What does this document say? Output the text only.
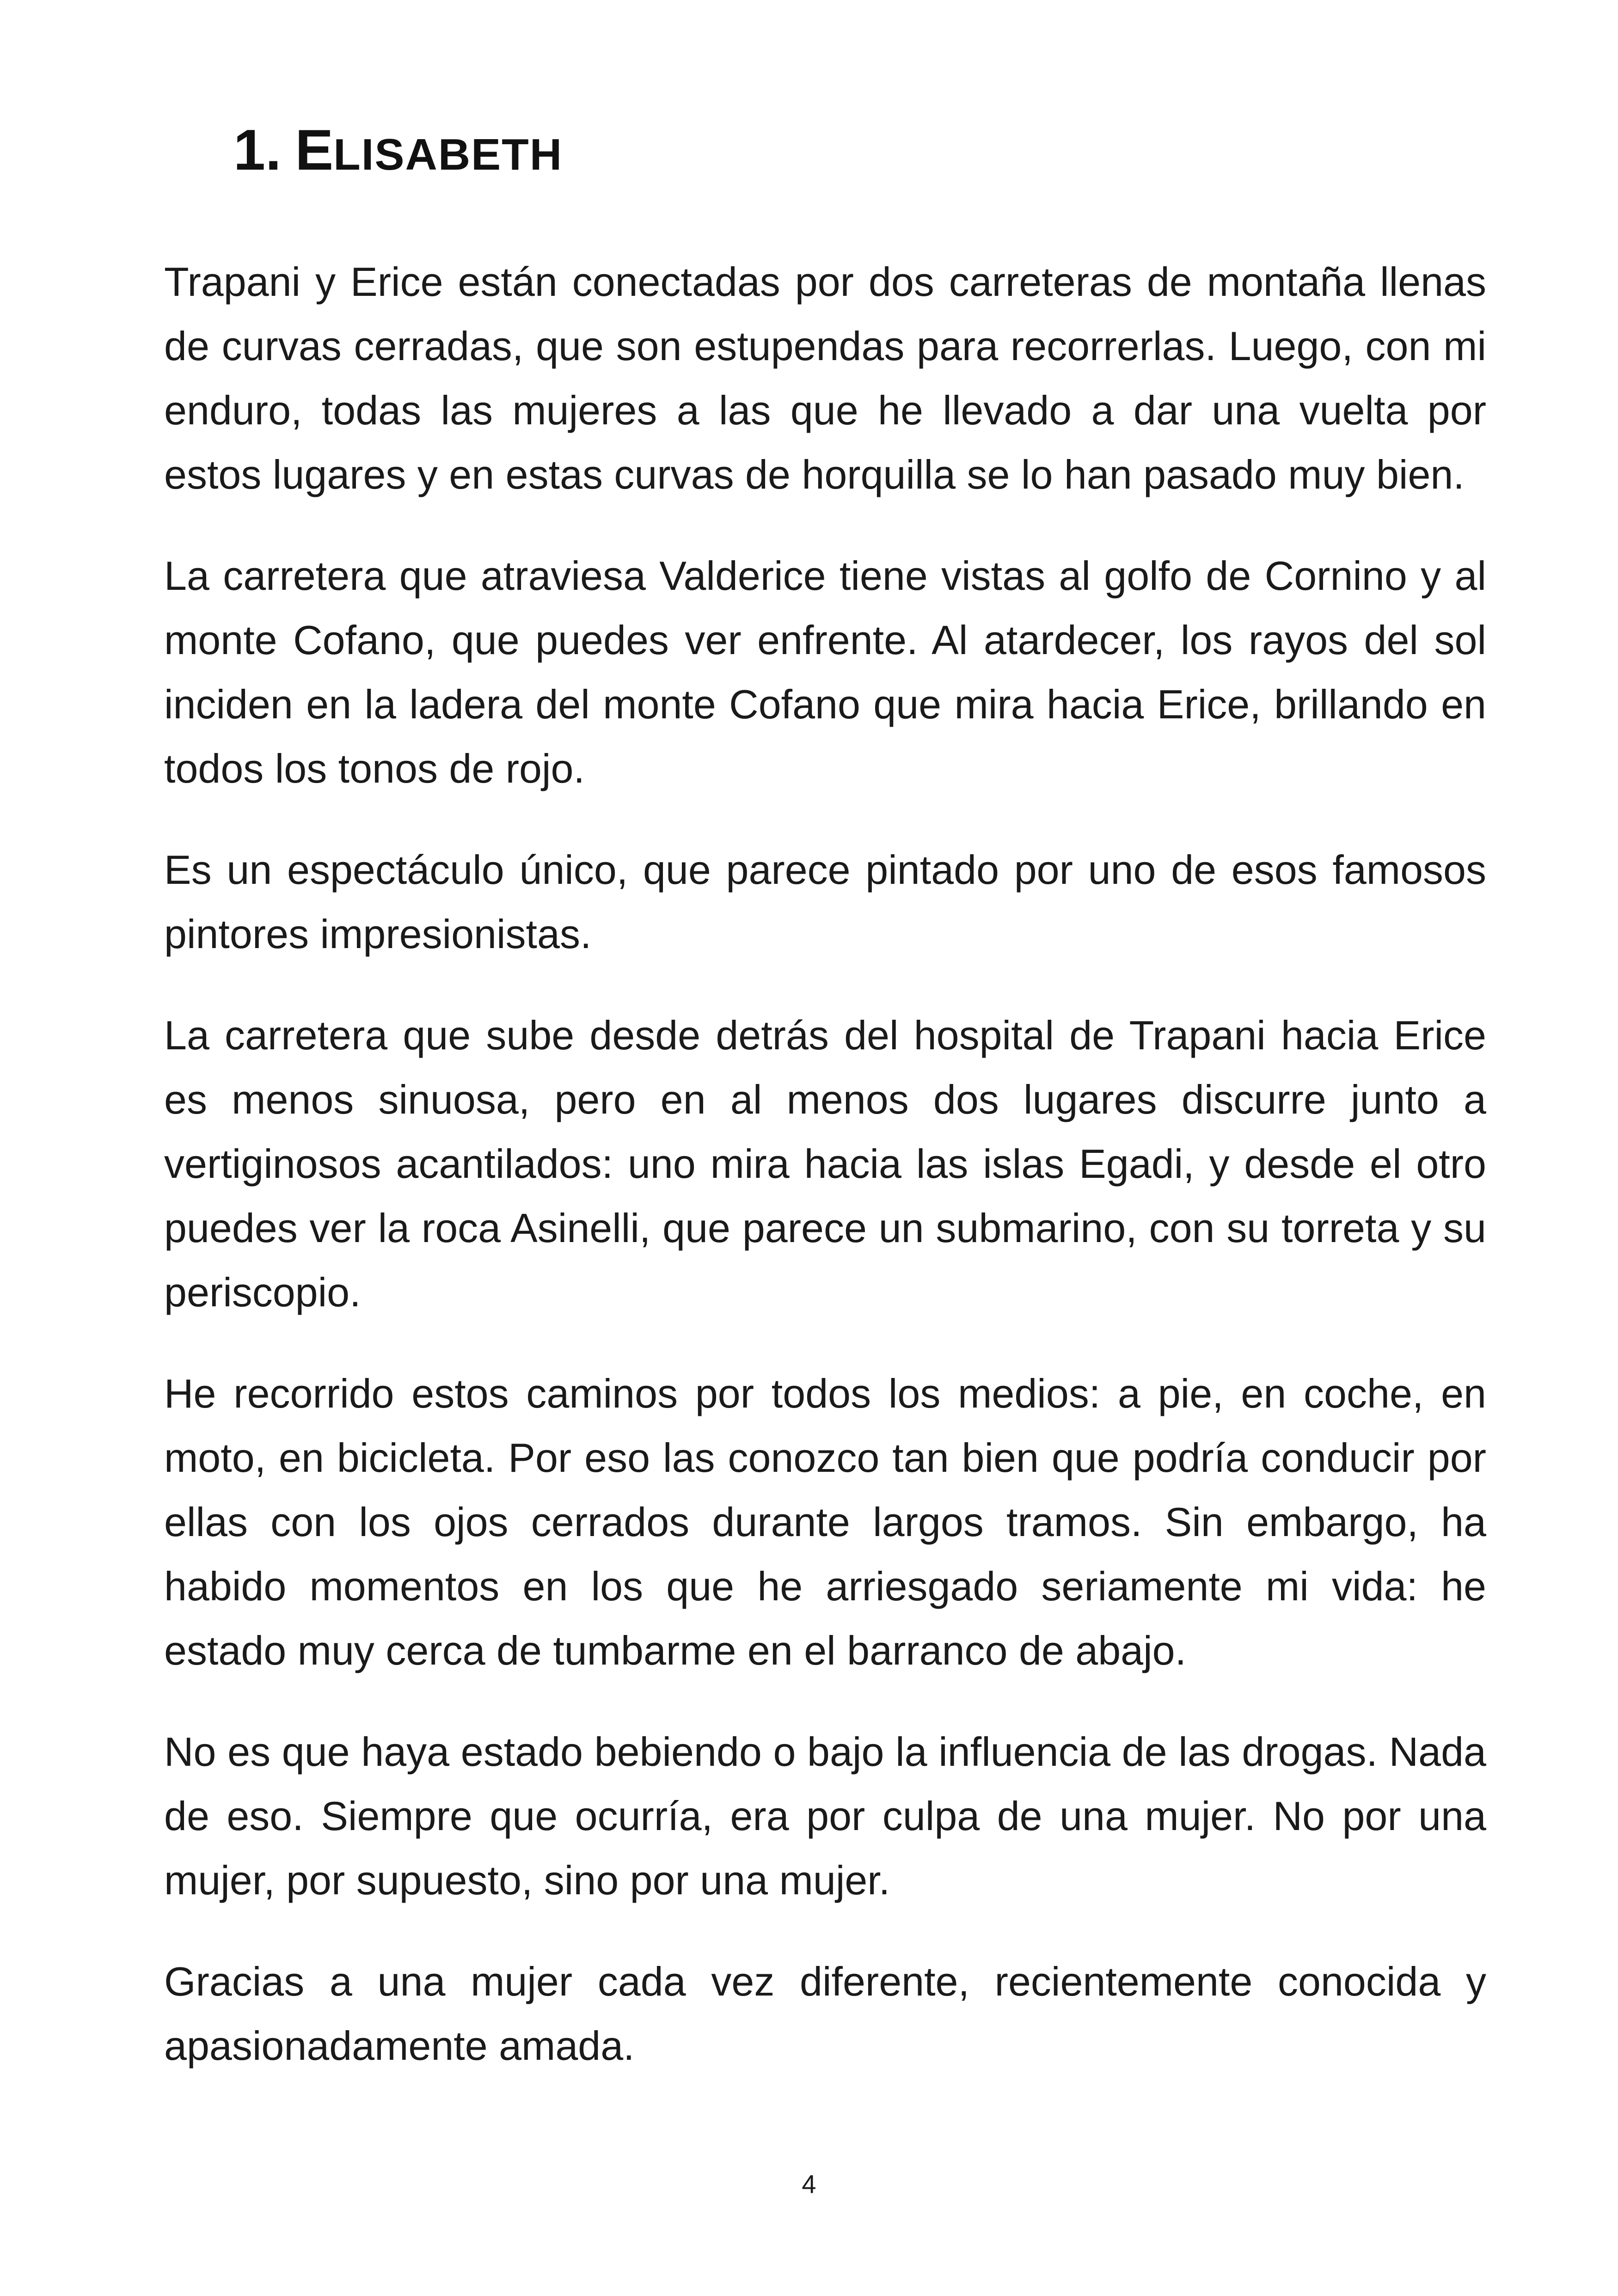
1. ELISABETH

Trapani y Erice están conectadas por dos carreteras de montaña llenas de curvas cerradas, que son estupendas para recorrerlas. Luego, con mi enduro, todas las mujeres a las que he llevado a dar una vuelta por estos lugares y en estas curvas de horquilla se lo han pasado muy bien.

La carretera que atraviesa Valderice tiene vistas al golfo de Cornino y al monte Cofano, que puedes ver enfrente. Al atardecer, los rayos del sol inciden en la ladera del monte Cofano que mira hacia Erice, brillando en todos los tonos de rojo.

Es un espectáculo único, que parece pintado por uno de esos famosos pintores impresionistas.

La carretera que sube desde detrás del hospital de Trapani hacia Erice es menos sinuosa, pero en al menos dos lugares discurre junto a vertiginosos acantilados: uno mira hacia las islas Egadi, y desde el otro puedes ver la roca Asinelli, que parece un submarino, con su torreta y su periscopio.

He recorrido estos caminos por todos los medios: a pie, en coche, en moto, en bicicleta. Por eso las conozco tan bien que podría conducir por ellas con los ojos cerrados durante largos tramos. Sin embargo, ha habido momentos en los que he arriesgado seriamente mi vida: he estado muy cerca de tumbarme en el barranco de abajo.

No es que haya estado bebiendo o bajo la influencia de las drogas. Nada de eso. Siempre que ocurría, era por culpa de una mujer. No por una mujer, por supuesto, sino por una mujer.

Gracias a una mujer cada vez diferente, recientemente conocida y apasionadamente amada.

4
